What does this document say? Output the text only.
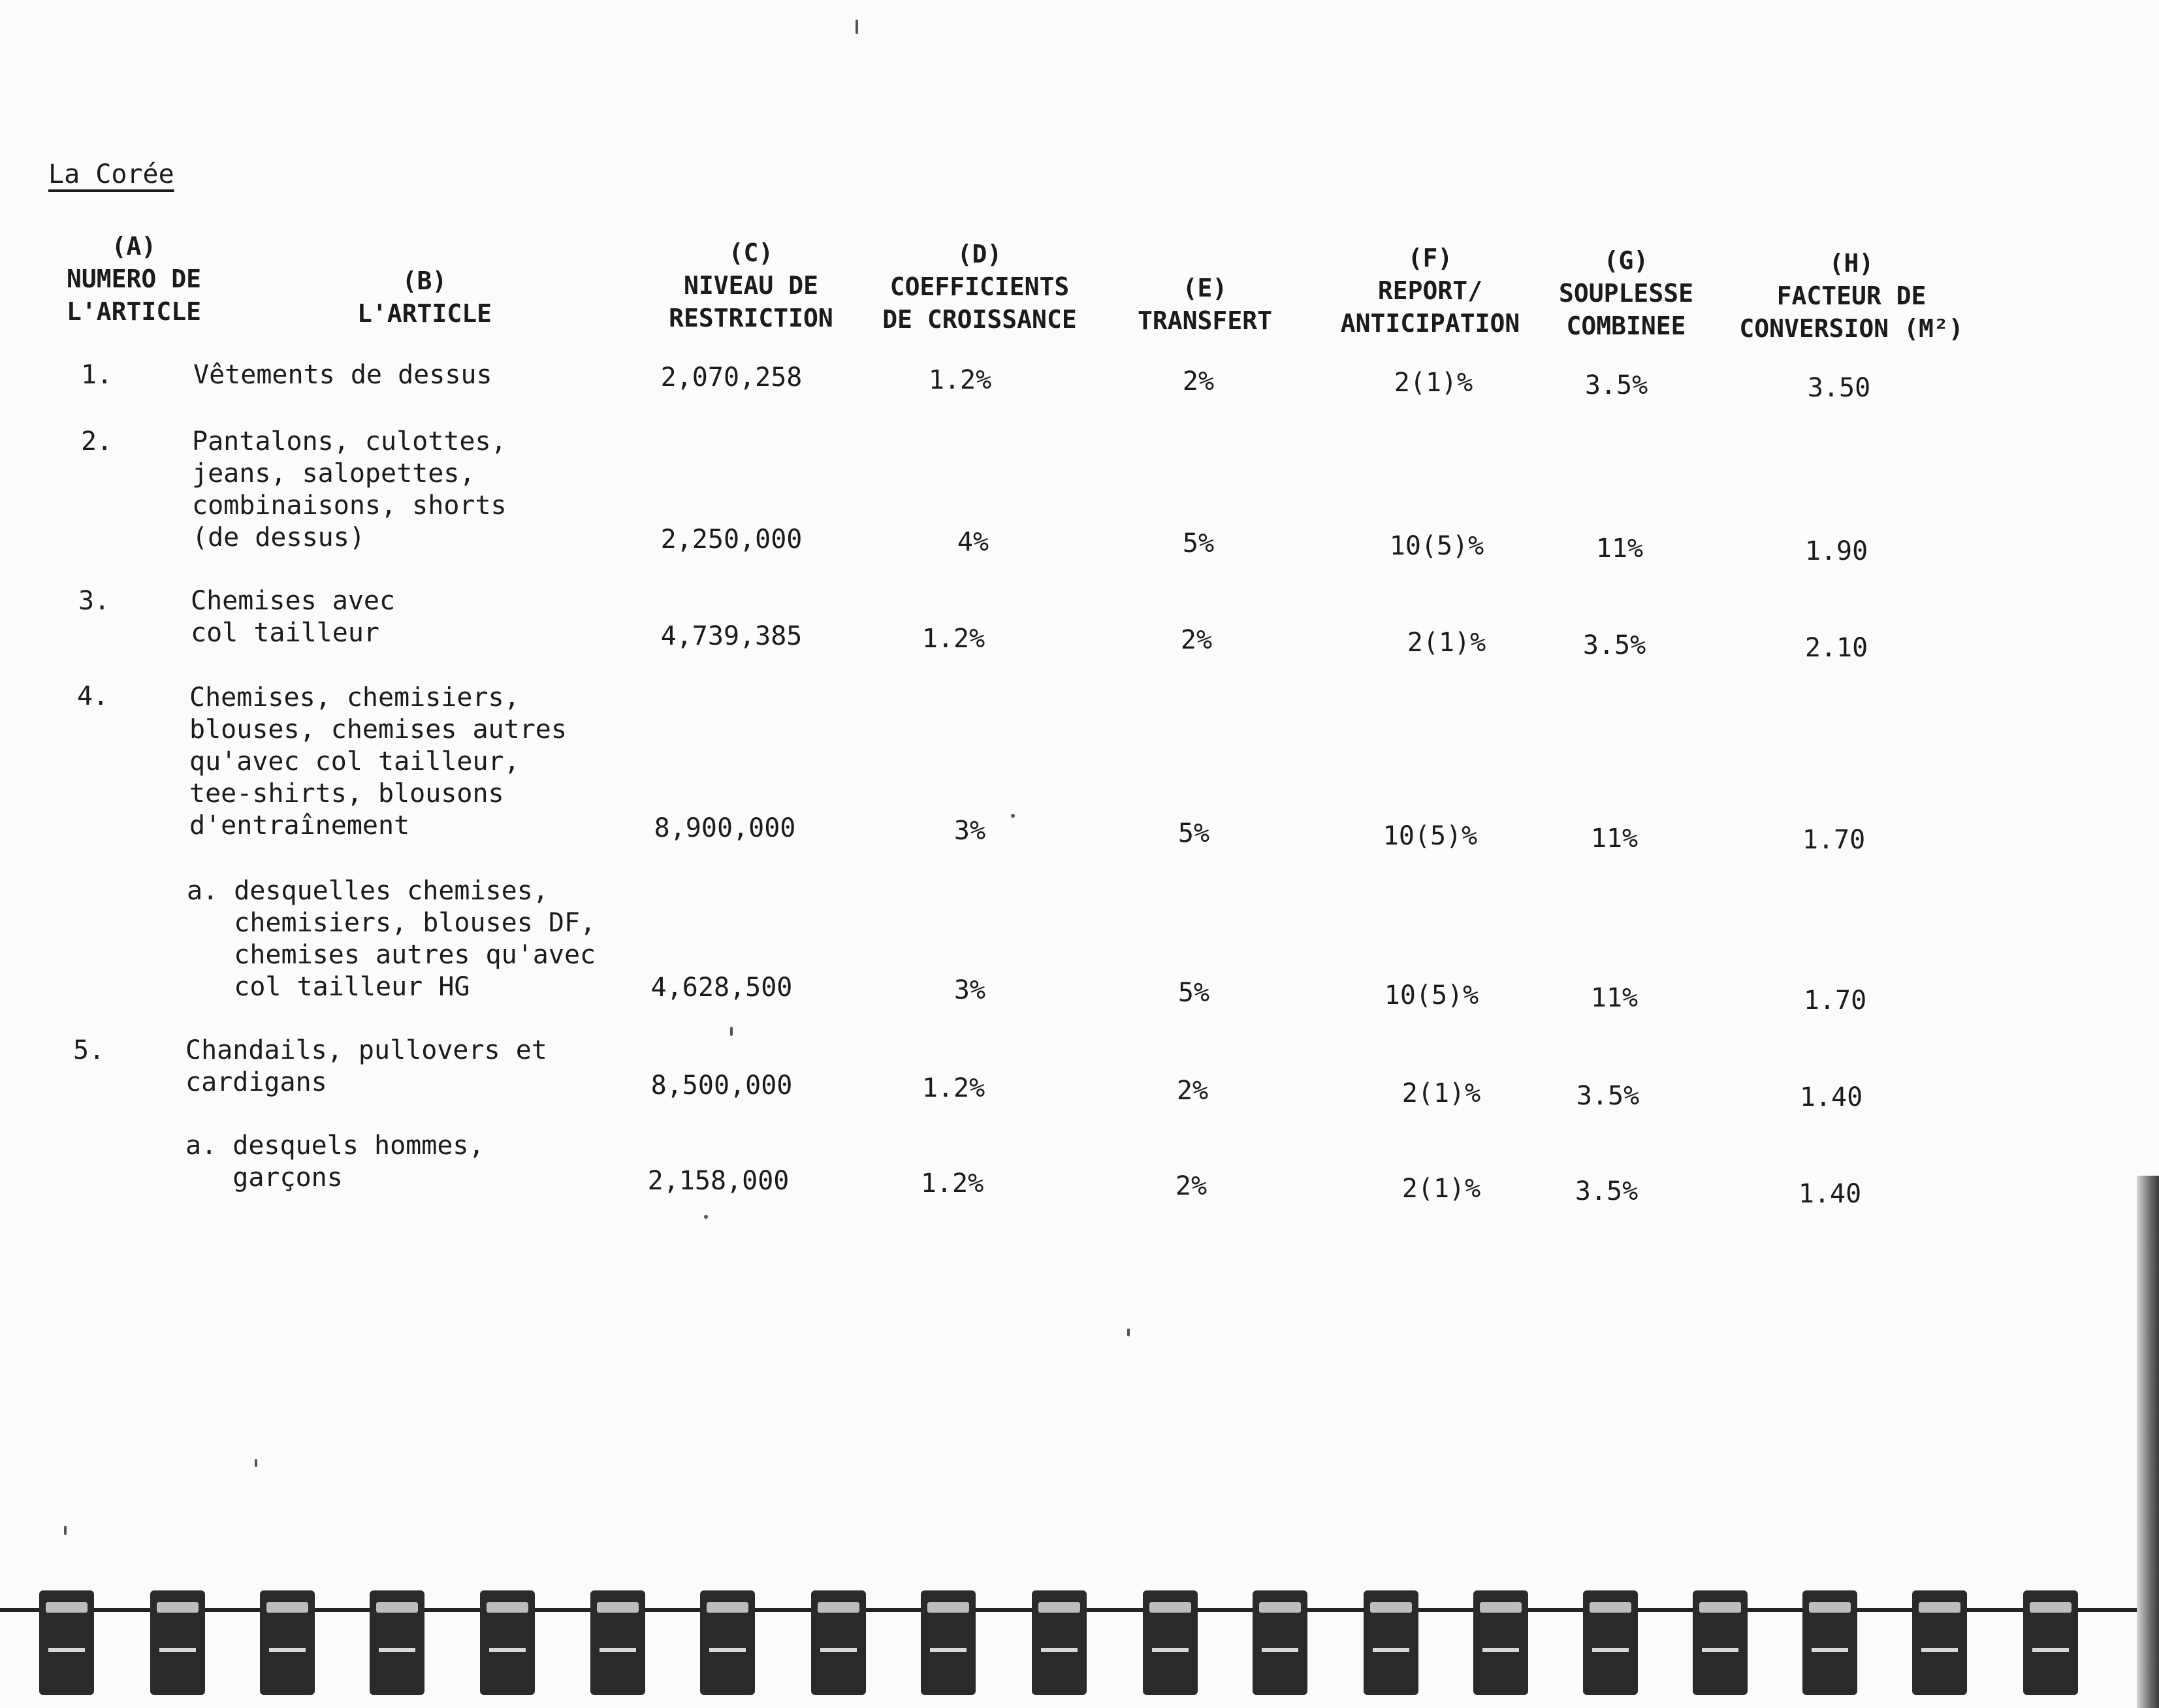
La Corée
(A)
NUMERO DE
L'ARTICLE
(B)
L'ARTICLE
(C)
NIVEAU DE
RESTRICTION
(D)
COEFFICIENTS
DE CROISSANCE
(E)
TRANSFERT
(F)
REPORT/
ANTICIPATION
(G)
SOUPLESSE
COMBINEE
(H)
FACTEUR DE
CONVERSION (M²)
1.	Vêtements de dessus	2,070,258	1.2%	2%	2(1)%	3.5%	3.50
2.	Pantalons, culottes,
jeans, salopettes,
combinaisons, shorts
(de dessus)	2,250,000	4%	5%	10(5)%	11%	1.90
3.	Chemises avec
col tailleur	4,739,385	1.2%	2%	2(1)%	3.5%	2.10
4.	Chemises, chemisiers,
blouses, chemises autres
qu'avec col tailleur,
tee-shirts, blousons
d'entraînement	8,900,000	3%	5%	10(5)%	11%	1.70
a. desquelles chemises,
chemisiers, blouses DF,
chemises autres qu'avec
col tailleur HG	4,628,500	3%	5%	10(5)%	11%	1.70
5.	Chandails, pullovers et
cardigans	8,500,000	1.2%	2%	2(1)%	3.5%	1.40
a. desquels hommes,
garçons	2,158,000	1.2%	2%	2(1)%	3.5%	1.40
